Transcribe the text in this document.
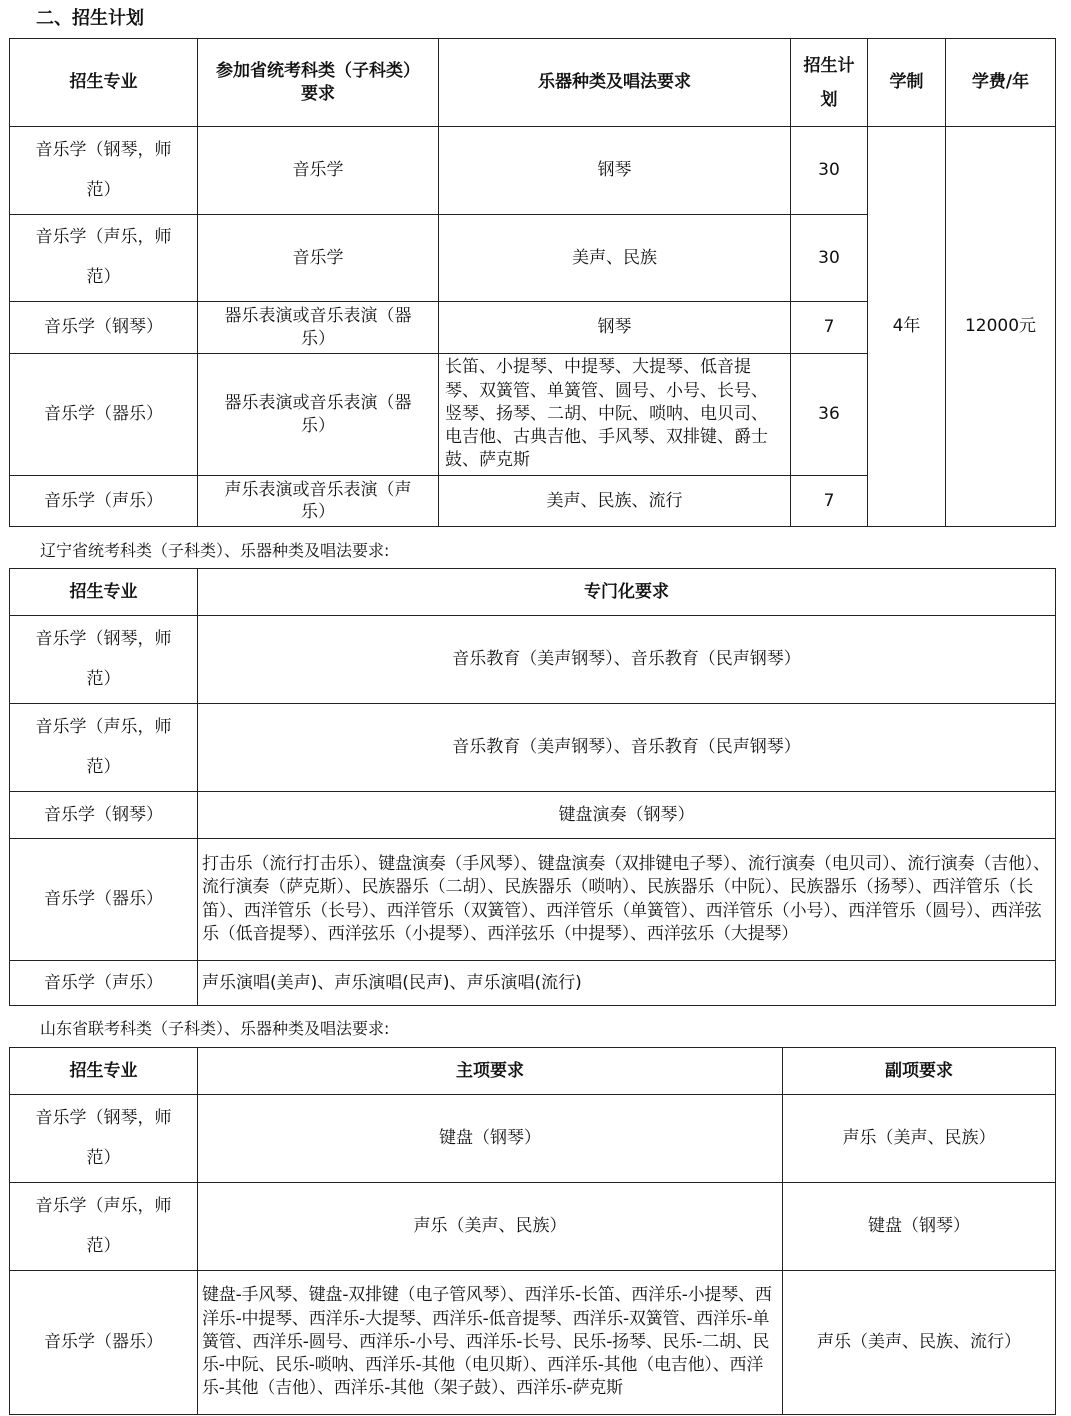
二、招生计划
招生专业	参加省统考科类（子科类）要求	乐器种类及唱法要求	招生计划	学制	学费/年
音乐学（钢琴，师范）	音乐学	钢琴	30	4年	12000元
音乐学（声乐，师范）	音乐学	美声、民族	30		
音乐学（钢琴）	器乐表演或音乐表演（器乐）	钢琴	7		
音乐学（器乐）	器乐表演或音乐表演（器乐）	长笛、小提琴、中提琴、大提琴、低音提琴、双簧管、单簧管、圆号、小号、长号、竖琴、扬琴、二胡、中阮、唢呐、电贝司、电吉他、古典吉他、手风琴、双排键、爵士鼓、萨克斯	36		
音乐学（声乐）	声乐表演或音乐表演（声乐）	美声、民族、流行	7		
辽宁省统考科类（子科类）、乐器种类及唱法要求:
招生专业	专门化要求
音乐学（钢琴，师范）	音乐教育（美声钢琴）、音乐教育（民声钢琴）
音乐学（声乐，师范）	音乐教育（美声钢琴）、音乐教育（民声钢琴）
音乐学（钢琴）	键盘演奏（钢琴）
音乐学（器乐）	打击乐（流行打击乐）、键盘演奏（手风琴）、键盘演奏（双排键电子琴）、流行演奏（电贝司）、流行演奏（吉他）、流行演奏（萨克斯）、民族器乐（二胡）、民族器乐（唢呐）、民族器乐（中阮）、民族器乐（扬琴）、西洋管乐（长笛）、西洋管乐（长号）、西洋管乐（双簧管）、西洋管乐（单簧管）、西洋管乐（小号）、西洋管乐（圆号）、西洋弦乐（低音提琴）、西洋弦乐（小提琴）、西洋弦乐（中提琴）、西洋弦乐（大提琴）
音乐学（声乐）	声乐演唱(美声)、声乐演唱(民声)、声乐演唱(流行)
山东省联考科类（子科类）、乐器种类及唱法要求:
招生专业	主项要求	副项要求
音乐学（钢琴，师范）	键盘（钢琴）	声乐（美声、民族）
音乐学（声乐，师范）	声乐（美声、民族）	键盘（钢琴）
音乐学（器乐）	键盘-手风琴、键盘-双排键（电子管风琴）、西洋乐-长笛、西洋乐-小提琴、西洋乐-中提琴、西洋乐-大提琴、西洋乐-低音提琴、西洋乐-双簧管、西洋乐-单簧管、西洋乐-圆号、西洋乐-小号、西洋乐-长号、民乐-扬琴、民乐-二胡、民乐-中阮、民乐-唢呐、西洋乐-其他（电贝斯）、西洋乐-其他（电吉他）、西洋乐-其他（吉他）、西洋乐-其他（架子鼓）、西洋乐-萨克斯	声乐（美声、民族、流行）
